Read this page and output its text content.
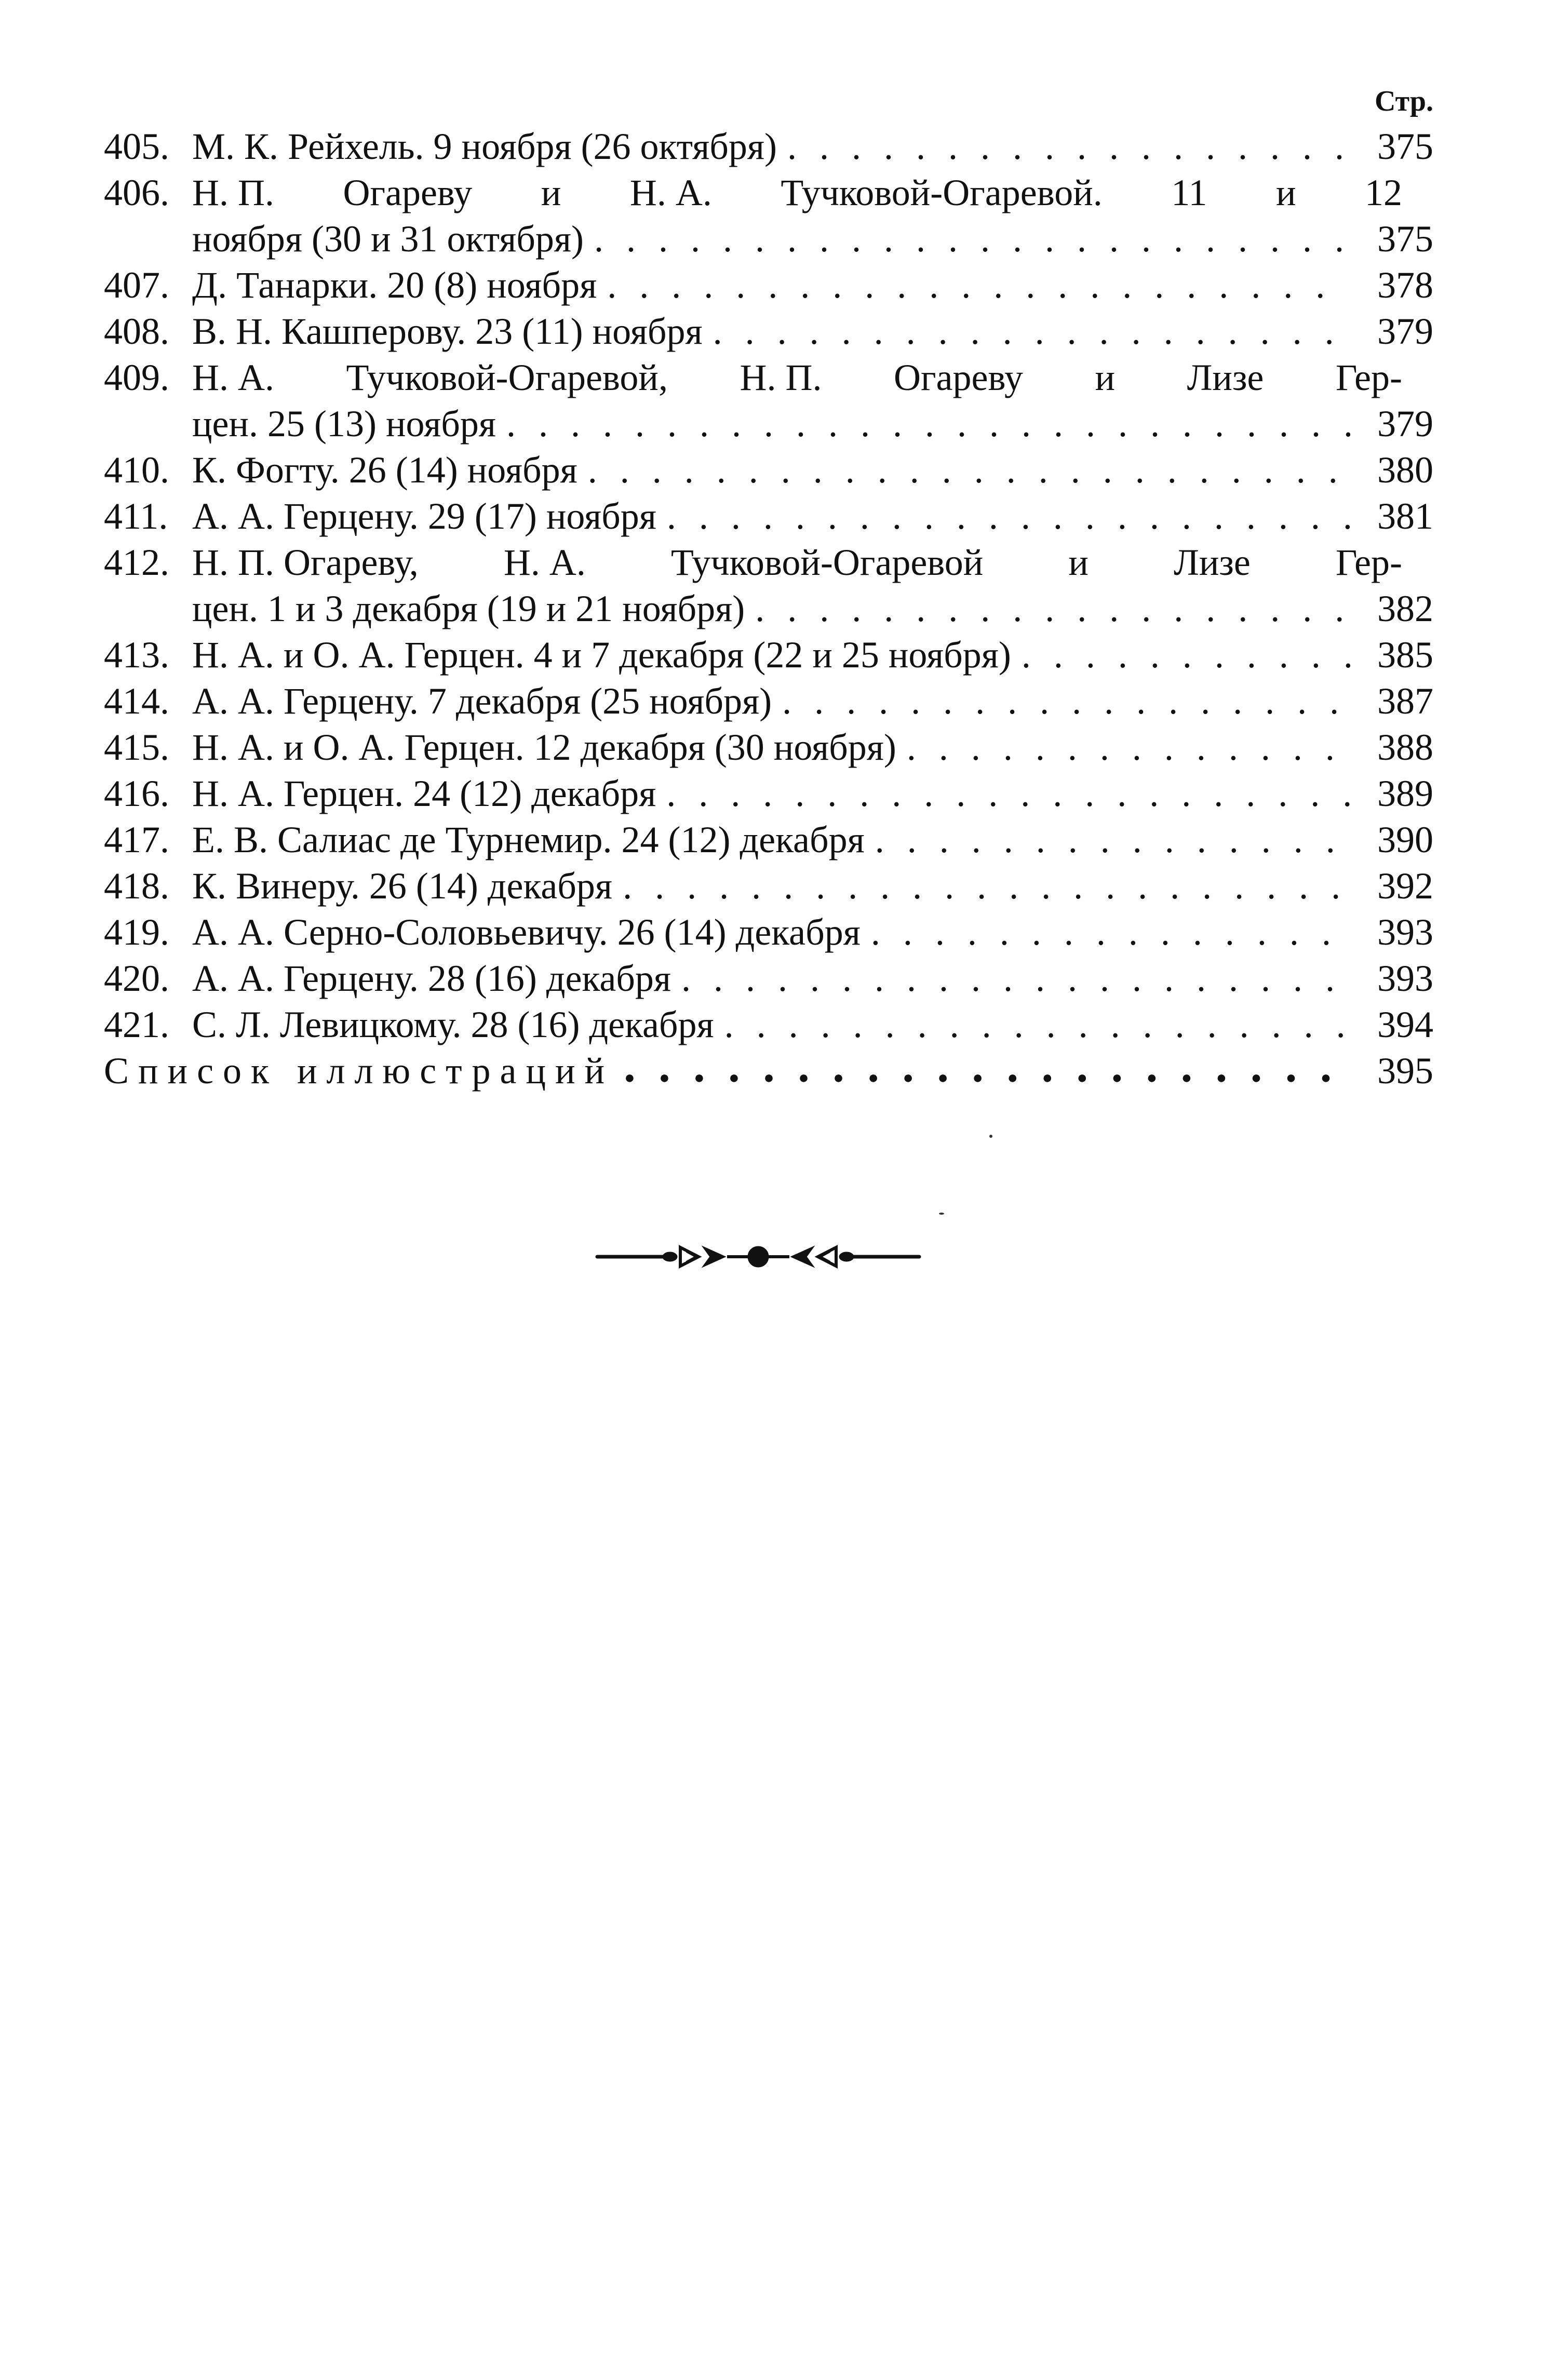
Стр.
405. М. К. Рейхель. 9 ноября (26 октября) . . .	375
406. Н. П. Огареву и Н. А. Тучковой-Огаревой. 11 и 12
ноября (30 и 31 октября) . . .	375
407. Д. Танарки. 20 (8) ноября . . .	378
408. В. Н. Кашперову. 23 (11) ноября . . .	379
409. Н. А. Тучковой-Огаревой, Н. П. Огареву и Лизе Гер-
цен. 25 (13) ноября . . .	379
410. К. Фогту. 26 (14) ноября . . .	380
411. А. А. Герцену. 29 (17) ноября . . .	381
412. Н. П. Огареву, Н. А. Тучковой-Огаревой и Лизе Гер-
цен. 1 и 3 декабря (19 и 21 ноября) . . .	382
413. Н. А. и О. А. Герцен. 4 и 7 декабря (22 и 25 ноября) . . .	385
414. А. А. Герцену. 7 декабря (25 ноября) . . .	387
415. Н. А. и О. А. Герцен. 12 декабря (30 ноября) . . .	388
416. Н. А. Герцен. 24 (12) декабря . . .	389
417. Е. В. Салиас де Турнемир. 24 (12) декабря . . .	390
418. К. Винеру. 26 (14) декабря . . .	392
419. А. А. Серно-Соловьевичу. 26 (14) декабря . . .	393
420. А. А. Герцену. 28 (16) декабря . . .	393
421. С. Л. Левицкому. 28 (16) декабря . . .	394
Список иллюстраций ● ● ● ● ● ● ● ● ● ● ● ● ● ● ● ● ● ● ● ● ● ● ● ● ● ● ● ● ● ● ● ● ● ● ● ● ● ● ● ●	395
